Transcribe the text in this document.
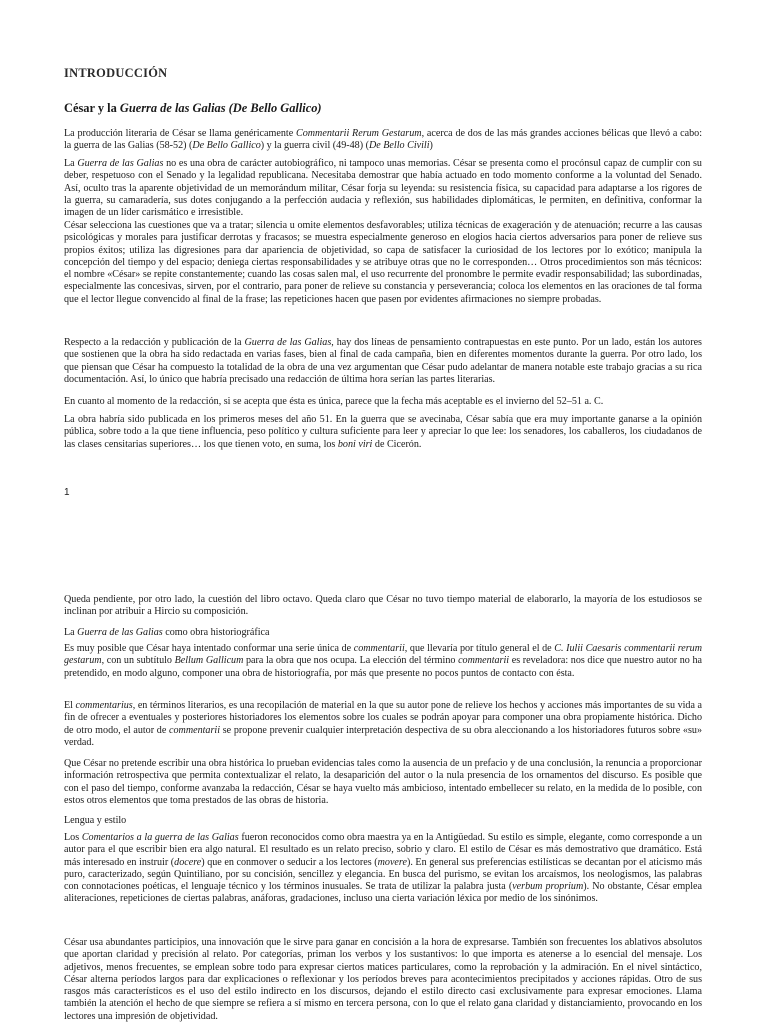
INTRODUCCIÓN
César y la Guerra de las Galias (De Bello Gallico)

La producción literaria de César se llama genéricamente Commentarii Rerum Gestarum, acerca de dos de las más grandes acciones bélicas que llevó a cabo: la guerra de las Galias (58-52) (De Bello Gallico) y la guerra civil (49-48) (De Bello Civili)

La Guerra de las Galias no es una obra de carácter autobiográfico, ni tampoco unas memorias. César se presenta como el procónsul capaz de cumplir con su deber, respetuoso con el Senado y la legalidad republicana. Necesitaba demostrar que había actuado en todo momento conforme a la voluntad del Senado. Así, oculto tras la aparente objetividad de un memorándum militar, César forja su leyenda: su resistencia física, su capacidad para adaptarse a los rigores de la guerra, su camaradería, sus dotes conjugando a la perfección audacia y reflexión, sus habilidades diplomáticas, le permiten, en definitiva, conformar la imagen de un líder carismático e irresistible.

César selecciona las cuestiones que va a tratar; silencia u omite elementos desfavorables; utiliza técnicas de exageración y de atenuación; recurre a las causas psicológicas y morales para justificar derrotas y fracasos; se muestra especialmente generoso en elogios hacia ciertos adversarios para poner de relieve sus propios éxitos; utiliza las digresiones para dar apariencia de objetividad, so capa de satisfacer la curiosidad de los lectores por lo exótico; manipula la concepción del tiempo y del espacio; deniega ciertas responsabilidades y se atribuye otras que no le corresponden… Otros procedimientos son más técnicos: el nombre «César» se repite constantemente; cuando las cosas salen mal, el uso recurrente del pronombre le permite evadir responsabilidad; las subordinadas, especialmente las concesivas, sirven, por el contrario, para poner de relieve su constancia y perseverancia; coloca los elementos en las oraciones de tal forma que el lector llegue convencido al final de la frase; las repeticiones hacen que pasen por evidentes afirmaciones no siempre probadas.

Respecto a la redacción y publicación de la Guerra de las Galias, hay dos líneas de pensamiento contrapuestas en este punto. Por un lado, están los autores que sostienen que la obra ha sido redactada en varias fases, bien al final de cada campaña, bien en diferentes momentos durante la guerra. Por otro lado, los que piensan que César ha compuesto la totalidad de la obra de una vez argumentan que César pudo adelantar de manera notable este trabajo gracias a su rica documentación. Así, lo único que habría precisado una redacción de última hora serían las partes literarias.

En cuanto al momento de la redacción, si se acepta que ésta es única, parece que la fecha más aceptable es el invierno del 52–51 a. C.

La obra habría sido publicada en los primeros meses del año 51. En la guerra que se avecinaba, César sabía que era muy importante ganarse a la opinión pública, sobre todo a la que tiene influencia, peso político y cultura suficiente para leer y apreciar lo que lee: los senadores, los caballeros, los ciudadanos de las clases censitarias superiores… los que tienen voto, en suma, los boni viri de Cicerón.

1

Queda pendiente, por otro lado, la cuestión del libro octavo. Queda claro que César no tuvo tiempo material de elaborarlo, la mayoría de los estudiosos se inclinan por atribuir a Hircio su composición.

La Guerra de las Galias como obra historiográfica

Es muy posible que César haya intentado conformar una serie única de commentarii, que llevaría por título general el de C. Iulii Caesaris commentarii rerum gestarum, con un subtítulo Bellum Gallicum para la obra que nos ocupa. La elección del término commentarii es reveladora: nos dice que nuestro autor no ha pretendido, en modo alguno, componer una obra de historiografía, por más que presente no pocos puntos de contacto con ésta.

El commentarius, en términos literarios, es una recopilación de material en la que su autor pone de relieve los hechos y acciones más importantes de su vida a fin de ofrecer a eventuales y posteriores historiadores los elementos sobre los cuales se podrán apoyar para componer una obra propiamente histórica. Dicho de otro modo, el autor de commentarii se propone prevenir cualquier interpretación despectiva de su obra aleccionando a los historiadores futuros sobre «su» verdad.

Que César no pretende escribir una obra histórica lo prueban evidencias tales como la ausencia de un prefacio y de una conclusión, la renuncia a proporcionar información retrospectiva que permita contextualizar el relato, la desaparición del autor o la nula presencia de los ornamentos del discurso. Es posible que con el paso del tiempo, conforme avanzaba la redacción, César se haya vuelto más ambicioso, intentado embellecer su relato, en la medida de lo posible, con estos otros elementos que toma prestados de las obras de historia.

Lengua y estilo

Los Comentarios a la guerra de las Galias fueron reconocidos como obra maestra ya en la Antigüedad. Su estilo es simple, elegante, como corresponde a un autor para el que escribir bien era algo natural. El resultado es un relato preciso, sobrio y claro. El estilo de César es más demostrativo que dramático. Está más interesado en instruir (docere) que en conmover o seducir a los lectores (movere). En general sus preferencias estilísticas se decantan por el aticismo más puro, caracterizado, según Quintiliano, por su concisión, sencillez y elegancia. En busca del purismo, se evitan los arcaísmos, los neologismos, las palabras con connotaciones poéticas, el lenguaje técnico y los términos inusuales. Se trata de utilizar la palabra justa (verbum proprium). No obstante, César emplea aliteraciones, repeticiones de ciertas palabras, anáforas, gradaciones, incluso una cierta variación léxica por medio de los sinónimos.

César usa abundantes participios, una innovación que le sirve para ganar en concisión a la hora de expresarse. También son frecuentes los ablativos absolutos que aportan claridad y precisión al relato. Por categorías, priman los verbos y los sustantivos: lo que importa es atenerse a lo esencial del mensaje. Los adjetivos, menos frecuentes, se emplean sobre todo para expresar ciertos matices particulares, como la reprobación y la admiración. En el nivel sintáctico, César alterna períodos largos para dar explicaciones o reflexionar y los períodos breves para acontecimientos precipitados y acciones rápidas. Otro de sus rasgos más característicos es el uso del estilo indirecto en los discursos, dejando el estilo directo casi exclusivamente para expresar emociones. Llama también la atención el hecho de que siempre se refiera a sí mismo en tercera persona, con lo que el relato gana claridad y distanciamiento, provocando en los lectores una impresión de objetividad.
